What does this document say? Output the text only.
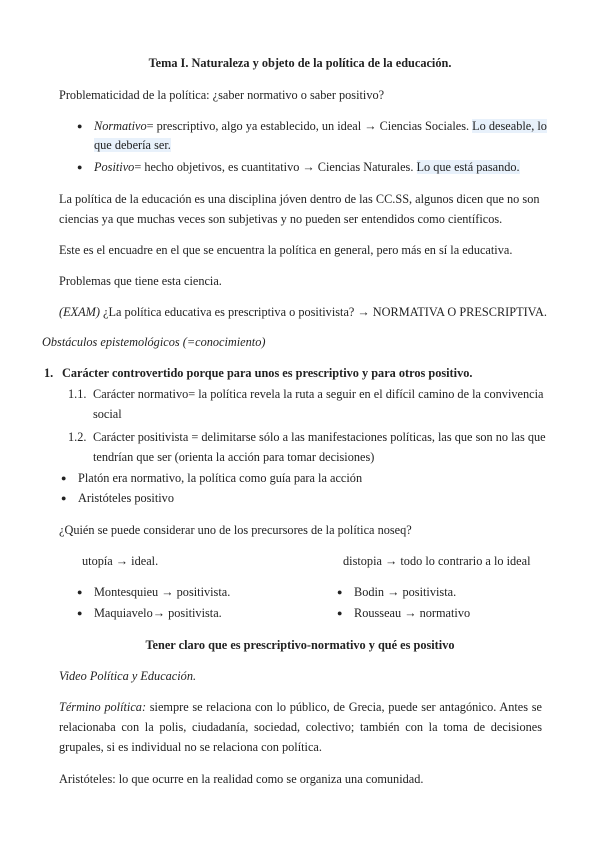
Tema I. Naturaleza y objeto de la política de la educación.
Problematicidad de la política: ¿saber normativo o saber positivo?
● Normativo= prescriptivo, algo ya establecido, un ideal → Ciencias Sociales. Lo deseable, lo
que debería ser.
● Positivo= hecho objetivos, es cuantitativo → Ciencias Naturales. Lo que está pasando.
La política de la educación es una disciplina jóven dentro de las CC.SS, algunos dicen que no son
ciencias ya que muchas veces son subjetivas y no pueden ser entendidos como científicos.
Este es el encuadre en el que se encuentra la política en general, pero más en sí la educativa.
Problemas que tiene esta ciencia.
(EXAM) ¿La política educativa es prescriptiva o positivista? → NORMATIVA O PRESCRIPTIVA.
Obstáculos epistemológicos (=conocimiento)
1. Carácter controvertido porque para unos es prescriptivo y para otros positivo.
1.1. Carácter normativo= la política revela la ruta a seguir en el difícil camino de la convivencia
social
1.2. Carácter positivista = delimitarse sólo a las manifestaciones políticas, las que son no las que
tendrían que ser (orienta la acción para tomar decisiones)
● Platón era normativo, la política como guía para la acción
● Aristóteles positivo
¿Quién se puede considerar uno de los precursores de la política noseq?
utopía → ideal.	distopia → todo lo contrario a lo ideal
● Montesquieu → positivista.
● Maquiavelo→ positivista.
● Bodin → positivista.
● Rousseau → normativo
Tener claro que es prescriptivo-normativo y qué es positivo
Video Política y Educación.
Término política: siempre se relaciona con lo público, de Grecia, puede ser antagónico. Antes se
relacionaba con la polis, ciudadanía, sociedad, colectivo; también con la toma de decisiones
grupales, si es individual no se relaciona con política.
Aristóteles: lo que ocurre en la realidad como se organiza una comunidad.
